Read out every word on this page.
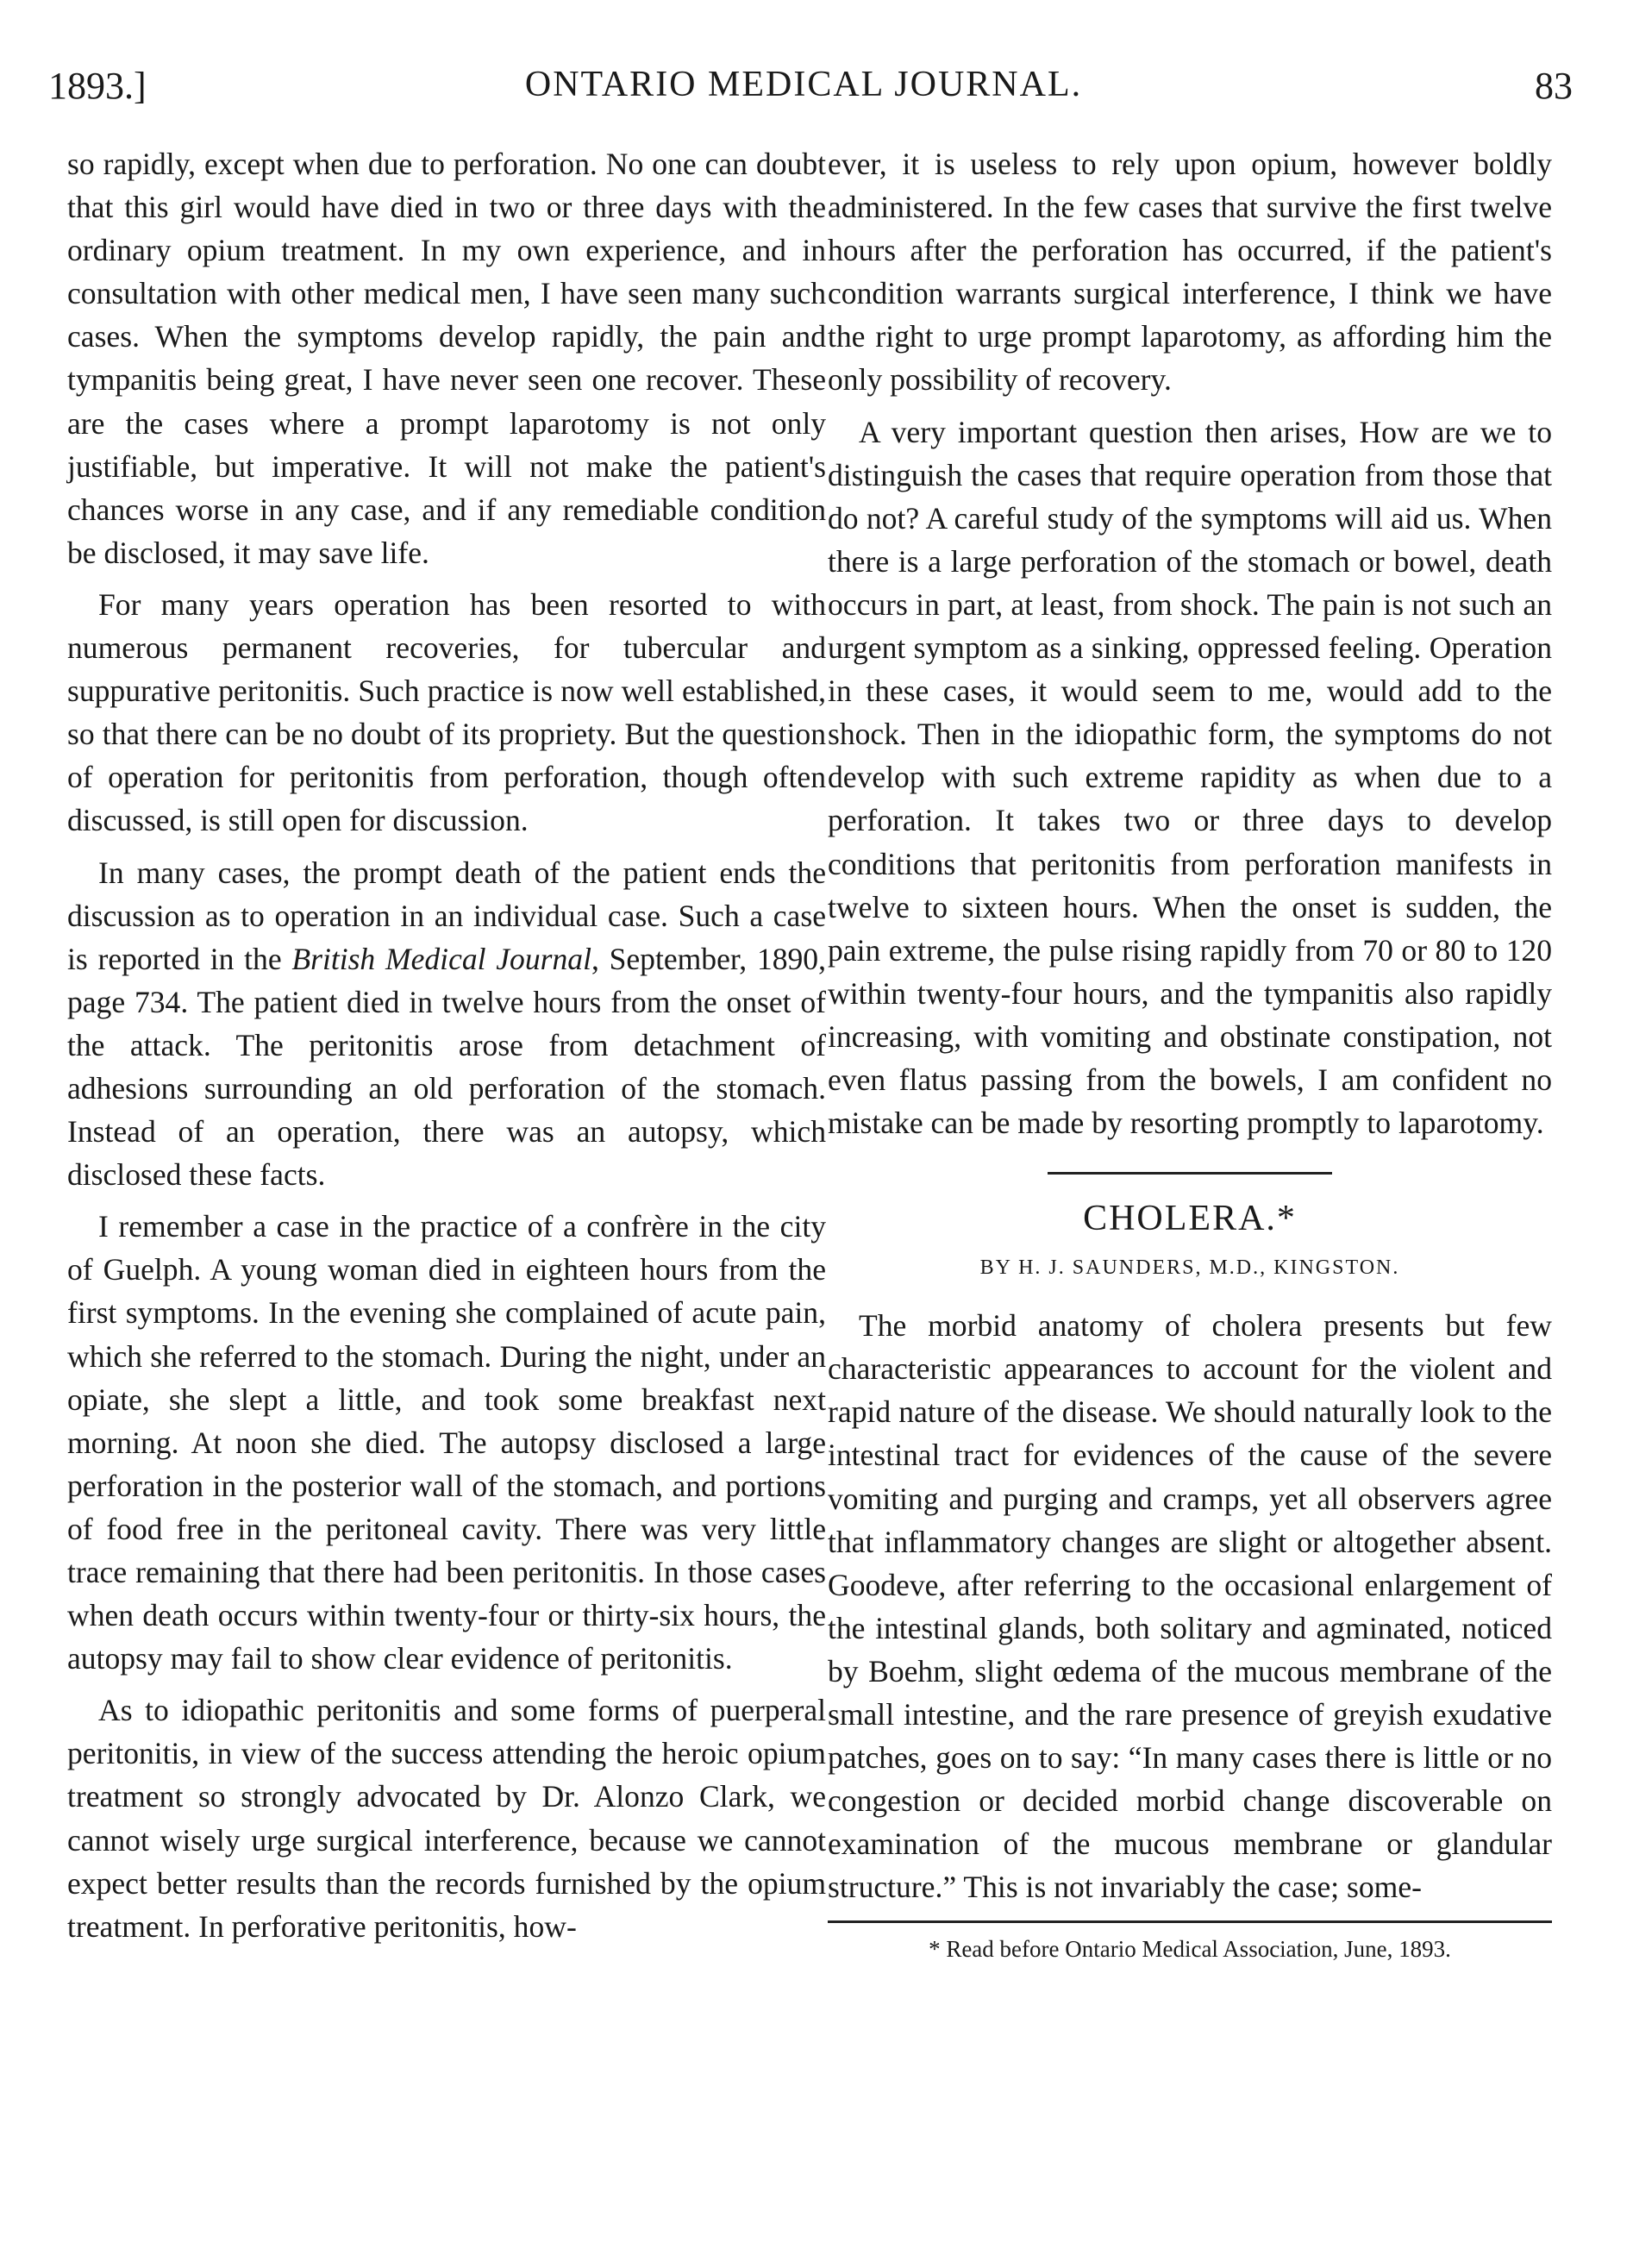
1893.]	ONTARIO MEDICAL JOURNAL.	83

so rapidly, except when due to perforation. No one can doubt that this girl would have died in two or three days with the ordinary opium treatment. In my own experience, and in consultation with other medical men, I have seen many such cases. When the symptoms develop rapidly, the pain and tympanitis being great, I have never seen one recover. These are the cases where a prompt laparotomy is not only justifiable, but imperative. It will not make the patient's chances worse in any case, and if any remediable condition be disclosed, it may save life.

For many years operation has been resorted to with numerous permanent recoveries, for tubercular and suppurative peritonitis. Such practice is now well established, so that there can be no doubt of its propriety. But the question of operation for peritonitis from perforation, though often discussed, is still open for discussion.

In many cases, the prompt death of the patient ends the discussion as to operation in an individual case. Such a case is reported in the British Medical Journal, September, 1890, page 734. The patient died in twelve hours from the onset of the attack. The peritonitis arose from detachment of adhesions surrounding an old perforation of the stomach. Instead of an operation, there was an autopsy, which disclosed these facts.

I remember a case in the practice of a confrère in the city of Guelph. A young woman died in eighteen hours from the first symptoms. In the evening she complained of acute pain, which she referred to the stomach. During the night, under an opiate, she slept a little, and took some breakfast next morning. At noon she died. The autopsy disclosed a large perforation in the posterior wall of the stomach, and portions of food free in the peritoneal cavity. There was very little trace remaining that there had been peritonitis. In those cases when death occurs within twenty-four or thirty-six hours, the autopsy may fail to show clear evidence of peritonitis.

As to idiopathic peritonitis and some forms of puerperal peritonitis, in view of the success attending the heroic opium treatment so strongly advocated by Dr. Alonzo Clark, we cannot wisely urge surgical interference, because we cannot expect better results than the records furnished by the opium treatment. In perforative peritonitis, how-

ever, it is useless to rely upon opium, however boldly administered. In the few cases that survive the first twelve hours after the perforation has occurred, if the patient's condition warrants surgical interference, I think we have the right to urge prompt laparotomy, as affording him the only possibility of recovery.

A very important question then arises, How are we to distinguish the cases that require operation from those that do not? A careful study of the symptoms will aid us. When there is a large perforation of the stomach or bowel, death occurs in part, at least, from shock. The pain is not such an urgent symptom as a sinking, oppressed feeling. Operation in these cases, it would seem to me, would add to the shock. Then in the idiopathic form, the symptoms do not develop with such extreme rapidity as when due to a perforation. It takes two or three days to develop conditions that peritonitis from perforation manifests in twelve to sixteen hours. When the onset is sudden, the pain extreme, the pulse rising rapidly from 70 or 80 to 120 within twenty-four hours, and the tympanitis also rapidly increasing, with vomiting and obstinate constipation, not even flatus passing from the bowels, I am confident no mistake can be made by resorting promptly to laparotomy.

CHOLERA.*
BY H. J. SAUNDERS, M.D., KINGSTON.

The morbid anatomy of cholera presents but few characteristic appearances to account for the violent and rapid nature of the disease. We should naturally look to the intestinal tract for evidences of the cause of the severe vomiting and purging and cramps, yet all observers agree that inflammatory changes are slight or altogether absent. Goodeve, after referring to the occasional enlargement of the intestinal glands, both solitary and agminated, noticed by Boehm, slight œdema of the mucous membrane of the small intestine, and the rare presence of greyish exudative patches, goes on to say: “In many cases there is little or no congestion or decided morbid change discoverable on examination of the mucous membrane or glandular structure.” This is not invariably the case; some-

* Read before Ontario Medical Association, June, 1893.
